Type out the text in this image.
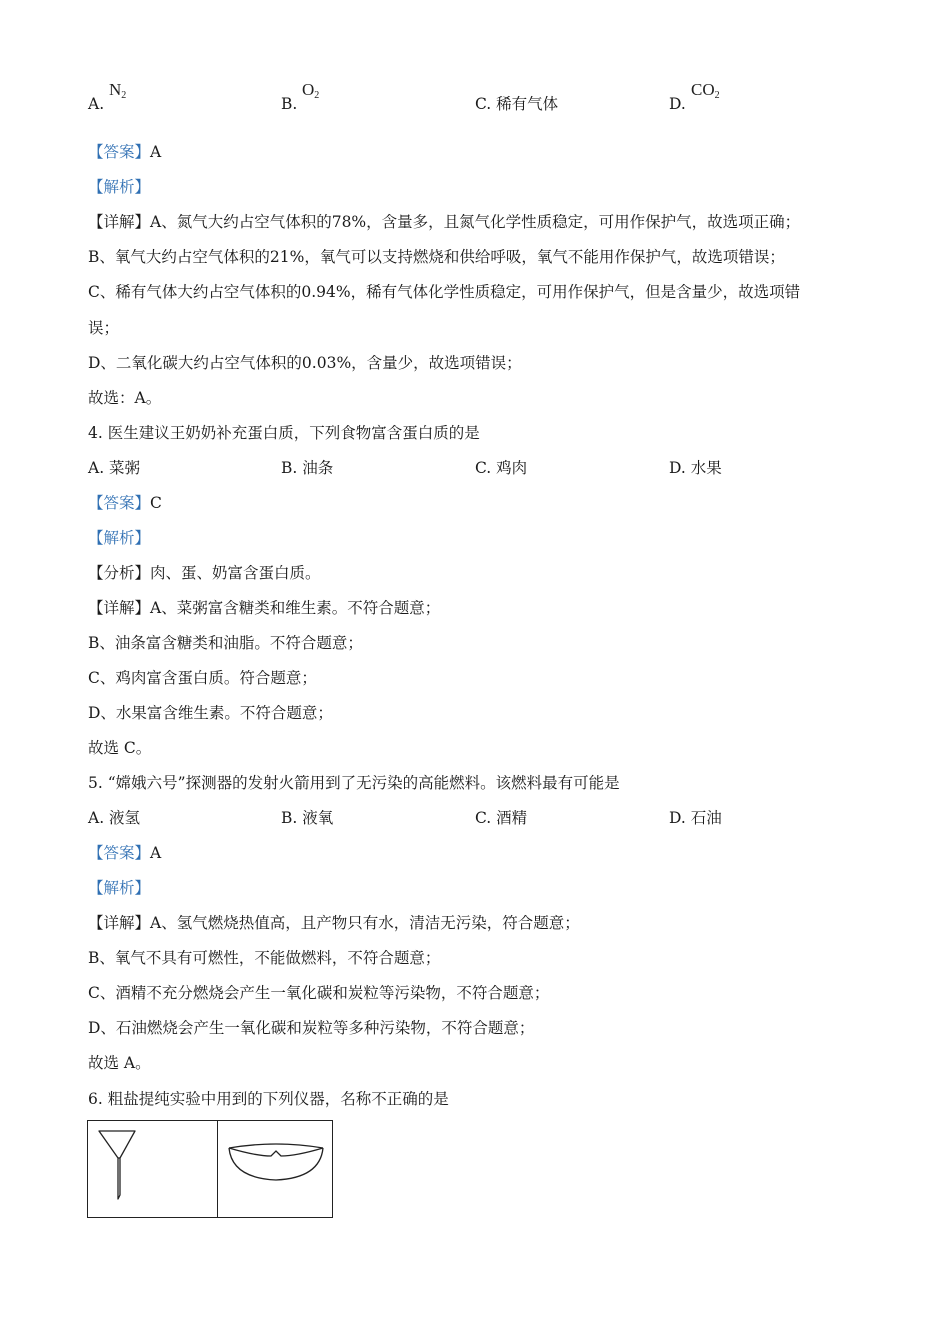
A.
$N_2$	B.
$O_2$	C. 稀有气体	D.
$CO_2$
【答案】A
【解析】
【详解】A、氮气大约占空气体积的78%，含量多，且氮气化学性质稳定，可用作保护气，故选项正确；
B、氧气大约占空气体积的21%，氧气可以支持燃烧和供给呼吸，氧气不能用作保护气，故选项错误；
C、稀有气体大约占空气体积的0.94%，稀有气体化学性质稳定，可用作保护气，但是含量少，故选项错
误；
D、二氧化碳大约占空气体积的0.03%，含量少，故选项错误；
故选：A。
4. 医生建议王奶奶补充蛋白质，下列食物富含蛋白质的是
A. 菜粥	B. 油条	C. 鸡肉	D. 水果
【答案】C
【解析】
【分析】肉、蛋、奶富含蛋白质。
【详解】A、菜粥富含糖类和维生素。不符合题意；
B、油条富含糖类和油脂。不符合题意；
C、鸡肉富含蛋白质。符合题意；
D、水果富含维生素。不符合题意；
故选 C。
5. “嫦娥六号”探测器的发射火箭用到了无污染的高能燃料。该燃料最有可能是
A. 液氢	B. 液氧	C. 酒精	D. 石油
【答案】A
【解析】
【详解】A、氢气燃烧热值高，且产物只有水，清洁无污染，符合题意；
B、氧气不具有可燃性，不能做燃料，不符合题意；
C、酒精不充分燃烧会产生一氧化碳和炭粒等污染物，不符合题意；
D、石油燃烧会产生一氧化碳和炭粒等多种污染物，不符合题意；
故选 A。
6. 粗盐提纯实验中用到的下列仪器，名称不正确的是
